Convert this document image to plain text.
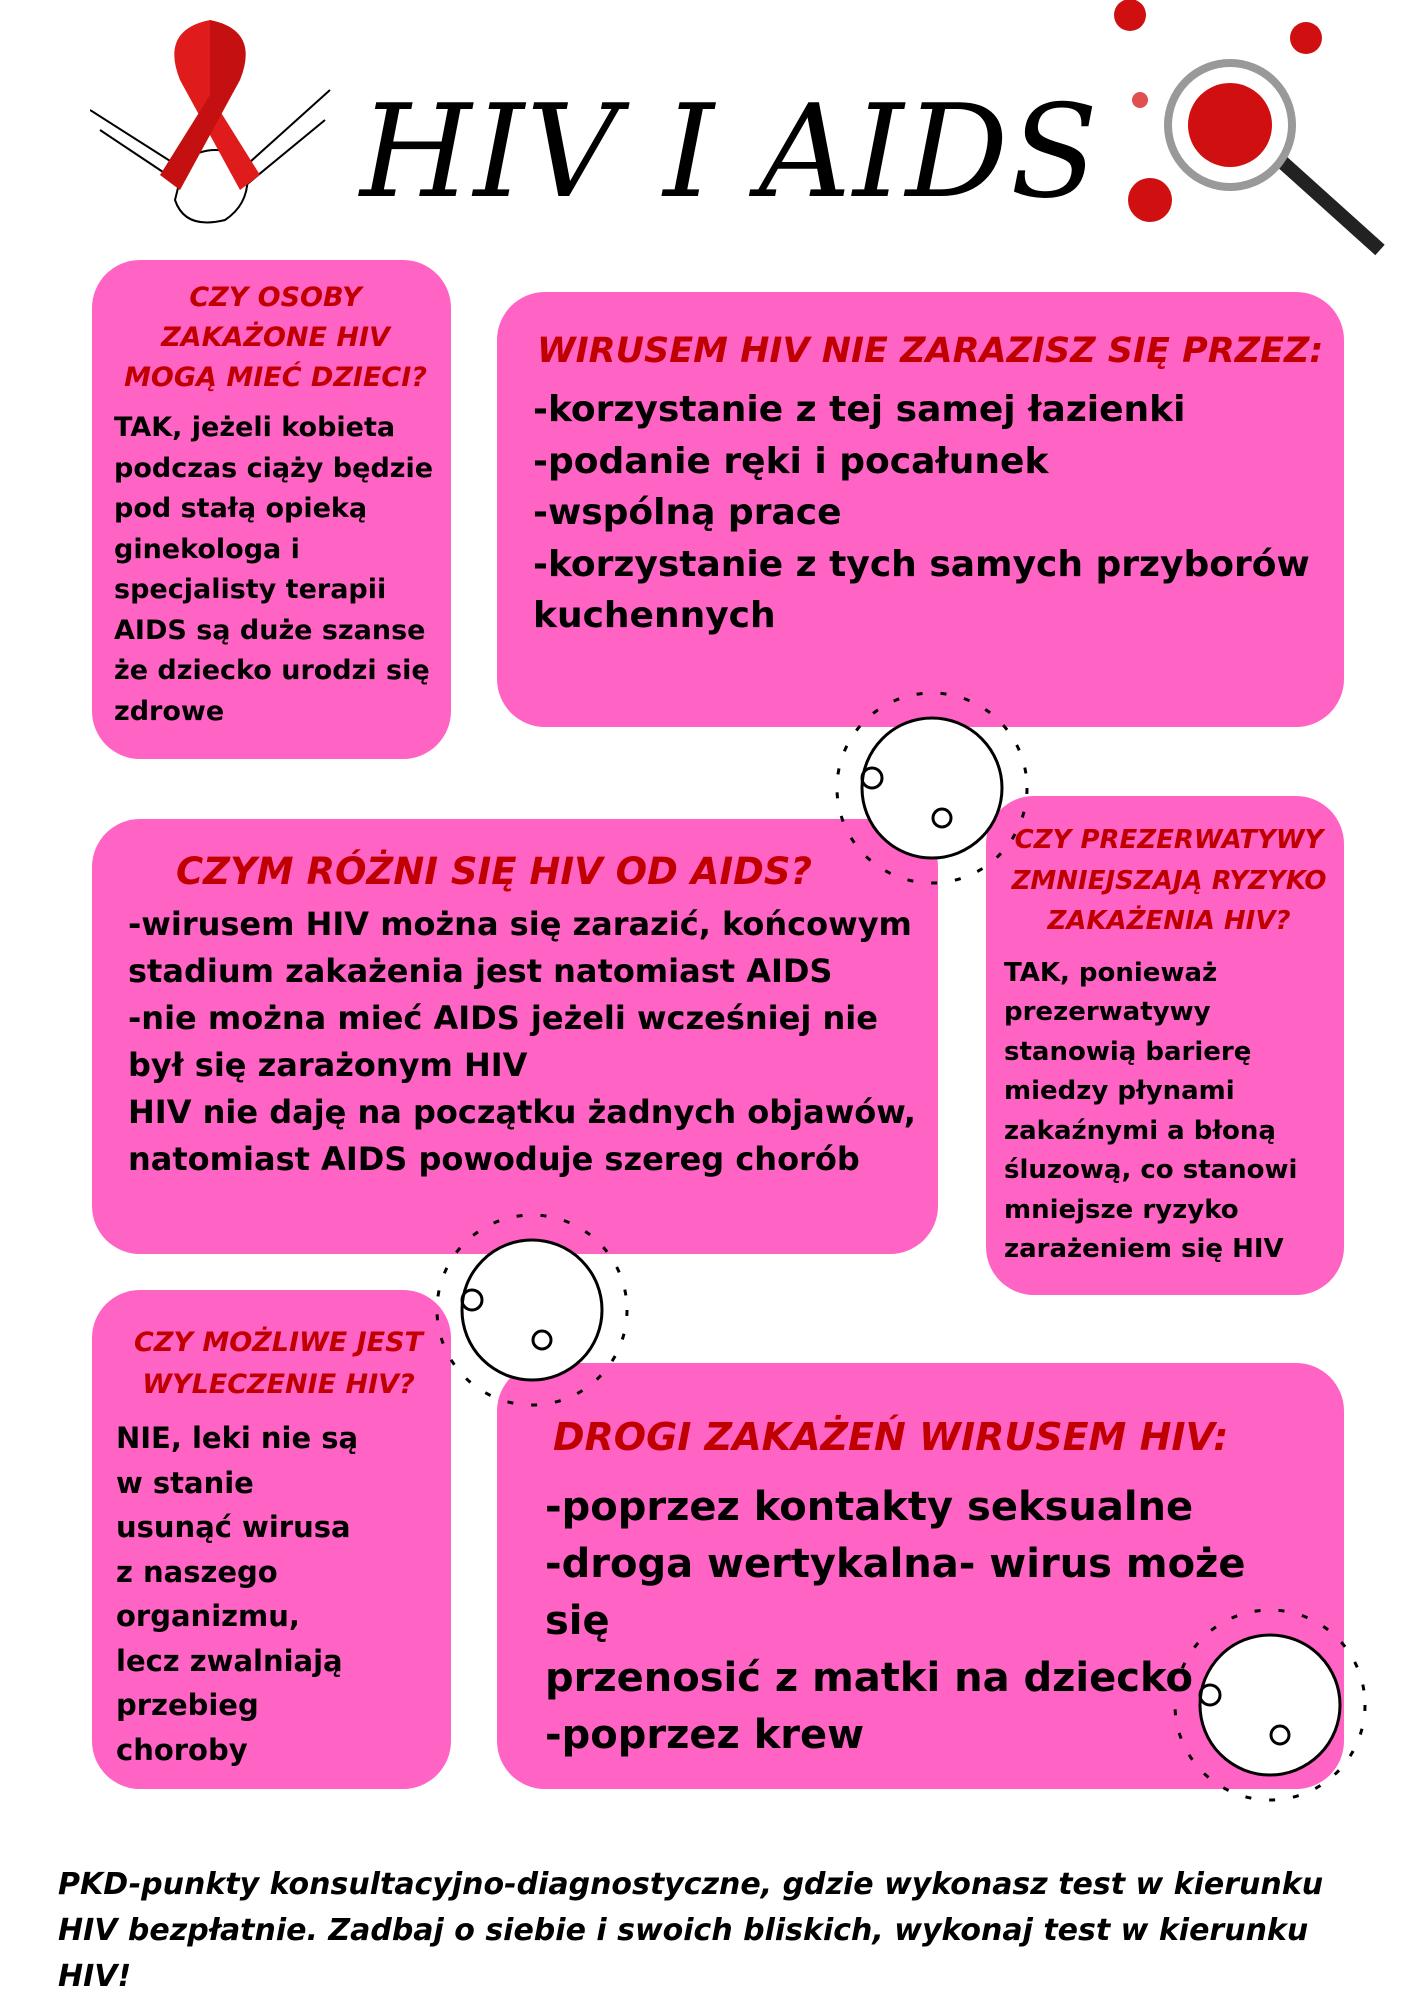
HIV I AIDS
CZY OSOBY ZAKAŻONE HIV MOGĄ MIEĆ DZIECI?
TAK, jeżeli kobieta
podczas ciąży będzie
pod stałą opieką
ginekologa i
specjalisty terapii
AIDS są duże szanse
że dziecko urodzi się
zdrowe
WIRUSEM HIV NIE ZARAZISZ SIĘ PRZEZ:
-korzystanie z tej samej łazienki
-podanie ręki i pocałunek
-wspólną prace
-korzystanie z tych samych przyborów
kuchennych
CZYM RÓŻNI SIĘ HIV OD AIDS?
-wirusem HIV można się zarazić, końcowym
stadium zakażenia jest natomiast AIDS
-nie można mieć AIDS jeżeli wcześniej nie
był się zarażonym HIV
HIV nie daję na początku żadnych objawów,
natomiast AIDS powoduje szereg chorób
CZY PREZERWATYWY ZMNIEJSZAJĄ RYZYKO ZAKAŻENIA HIV?
TAK, ponieważ
prezerwatywy
stanowią barierę
miedzy płynami
zakaźnymi a błoną
śluzową, co stanowi
mniejsze ryzyko
zarażeniem się HIV
CZY MOŻLIWE JEST WYLECZENIE HIV?
NIE, leki nie są
w stanie
usunąć wirusa
z naszego
organizmu,
lecz zwalniają
przebieg
choroby
DROGI ZAKAŻEŃ WIRUSEM HIV:
-poprzez kontakty seksualne
-droga wertykalna- wirus może się
przenosić z matki na dziecko
-poprzez krew
PKD-punkty konsultacyjno-diagnostyczne, gdzie wykonasz test w kierunku HIV bezpłatnie. Zadbaj o siebie i swoich bliskich, wykonaj test w kierunku HIV!
